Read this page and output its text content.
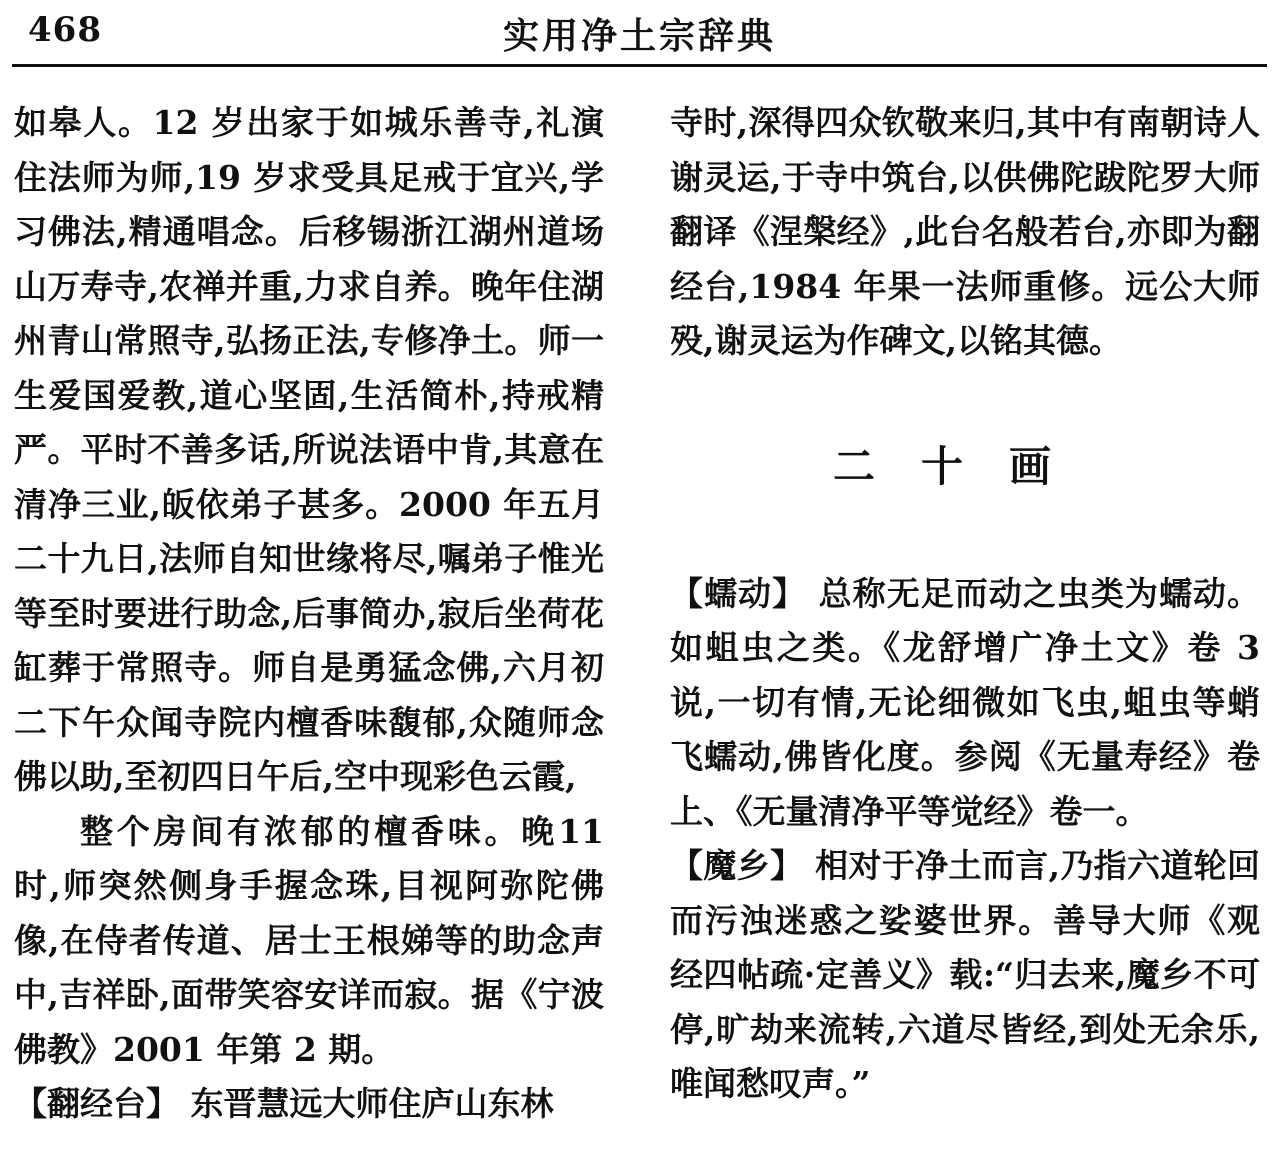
468	实用净土宗辞典

如皋人。12 岁出家于如城乐善寺,礼演住法师为师,19 岁求受具足戒于宜兴,学习佛法,精通唱念。后移锡浙江湖州道场山万寿寺,农禅并重,力求自养。晚年住湖州青山常照寺,弘扬正法,专修净土。师一生爱国爱教,道心坚固,生活简朴,持戒精严。平时不善多话,所说法语中肯,其意在清净三业,皈依弟子甚多。2000 年五月二十九日,法师自知世缘将尽,嘱弟子惟光等至时要进行助念,后事简办,寂后坐荷花缸葬于常照寺。师自是勇猛念佛,六月初二下午众闻寺院内檀香味馥郁,众随师念佛以助,至初四日午后,空中现彩色云霞,

整个房间有浓郁的檀香味。晚11 时,师突然侧身手握念珠,目视阿弥陀佛像,在侍者传道、居士王根娣等的助念声中,吉祥卧,面带笑容安详而寂。据《宁波佛教》2001 年第 2 期。

【翻经台】 东晋慧远大师住庐山东林

寺时,深得四众钦敬来归,其中有南朝诗人谢灵运,于寺中筑台,以供佛陀跋陀罗大师翻译《涅槃经》,此台名般若台,亦即为翻经台,1984 年果一法师重修。远公大师殁,谢灵运为作碑文,以铭其德。

二十画

【蠕动】 总称无足而动之虫类为蠕动。如蛆虫之类。《龙舒增广净土文》卷 3 说,一切有情,无论细微如飞虫,蛆虫等蛸飞蠕动,佛皆化度。参阅《无量寿经》卷上、《无量清净平等觉经》卷一。

【魔乡】 相对于净土而言,乃指六道轮回而污浊迷惑之娑婆世界。善导大师《观经四帖疏·定善义》载:“归去来,魔乡不可停,旷劫来流转,六道尽皆经,到处无余乐,唯闻愁叹声。”
